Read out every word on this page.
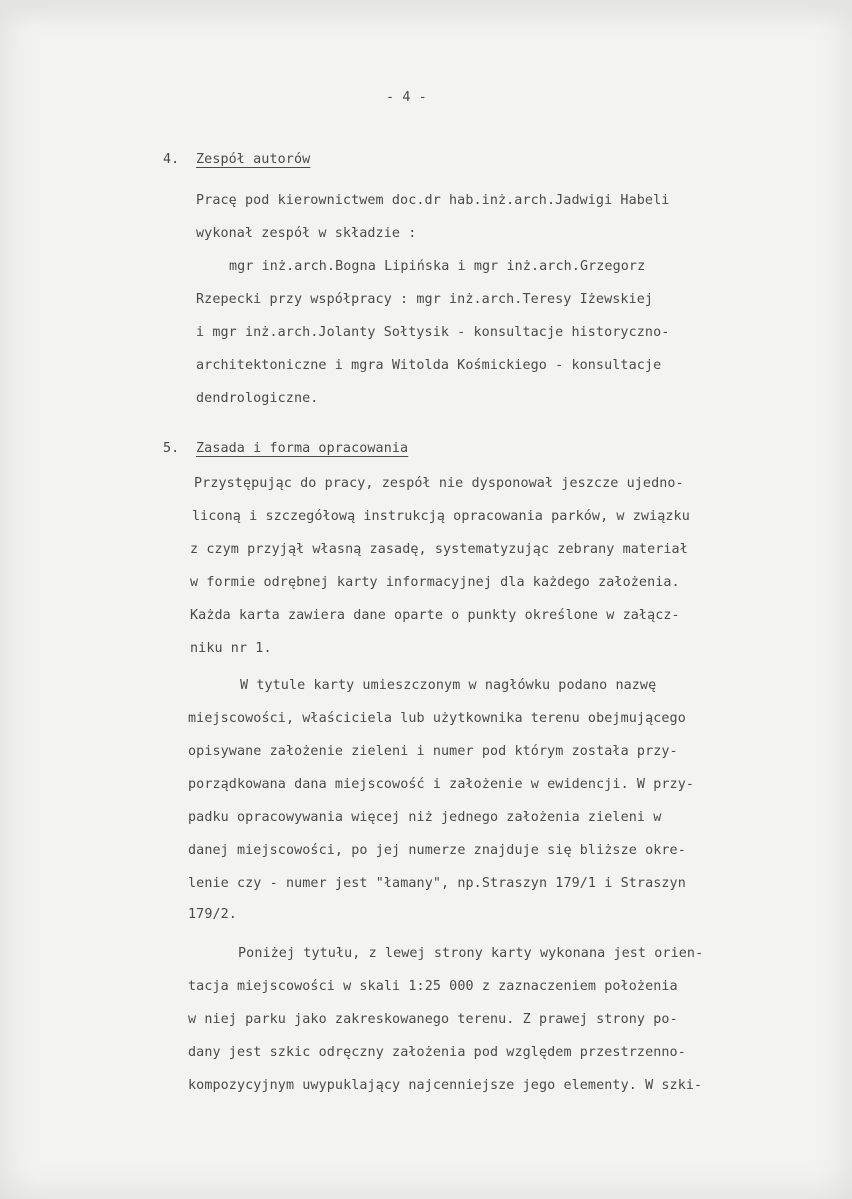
- 4 -
4. Zespół autorów
Pracę pod kierownictwem doc.dr hab.inż.arch.Jadwigi Habeli
wykonał zespół w składzie :
mgr inż.arch.Bogna Lipińska i mgr inż.arch.Grzegorz
Rzepecki przy współpracy : mgr inż.arch.Teresy Iżewskiej
i mgr inż.arch.Jolanty Sołtysik - konsultacje historyczno-
architektoniczne i mgra Witolda Kośmickiego - konsultacje
dendrologiczne.
5. Zasada i forma opracowania
Przystępując do pracy, zespół nie dysponował jeszcze ujedno-
liconą i szczegółową instrukcją opracowania parków, w związku
z czym przyjął własną zasadę, systematyzując zebrany materiał
w formie odrębnej karty informacyjnej dla każdego założenia.
Każda karta zawiera dane oparte o punkty określone w załącz-
niku nr 1.
W tytule karty umieszczonym w nagłówku podano nazwę
miejscowości, właściciela lub użytkownika terenu obejmującego
opisywane założenie zieleni i numer pod którym została przy-
porządkowana dana miejscowość i założenie w ewidencji. W przy-
padku opracowywania więcej niż jednego założenia zieleni w
danej miejscowości, po jej numerze znajduje się bliższe okre-
lenie czy - numer jest "łamany", np.Straszyn 179/1 i Straszyn
179/2.
Poniżej tytułu, z lewej strony karty wykonana jest orien-
tacja miejscowości w skali 1:25 000 z zaznaczeniem położenia
w niej parku jako zakreskowanego terenu. Z prawej strony po-
dany jest szkic odręczny założenia pod względem przestrzenno-
kompozycyjnym uwypuklający najcenniejsze jego elementy. W szki-
